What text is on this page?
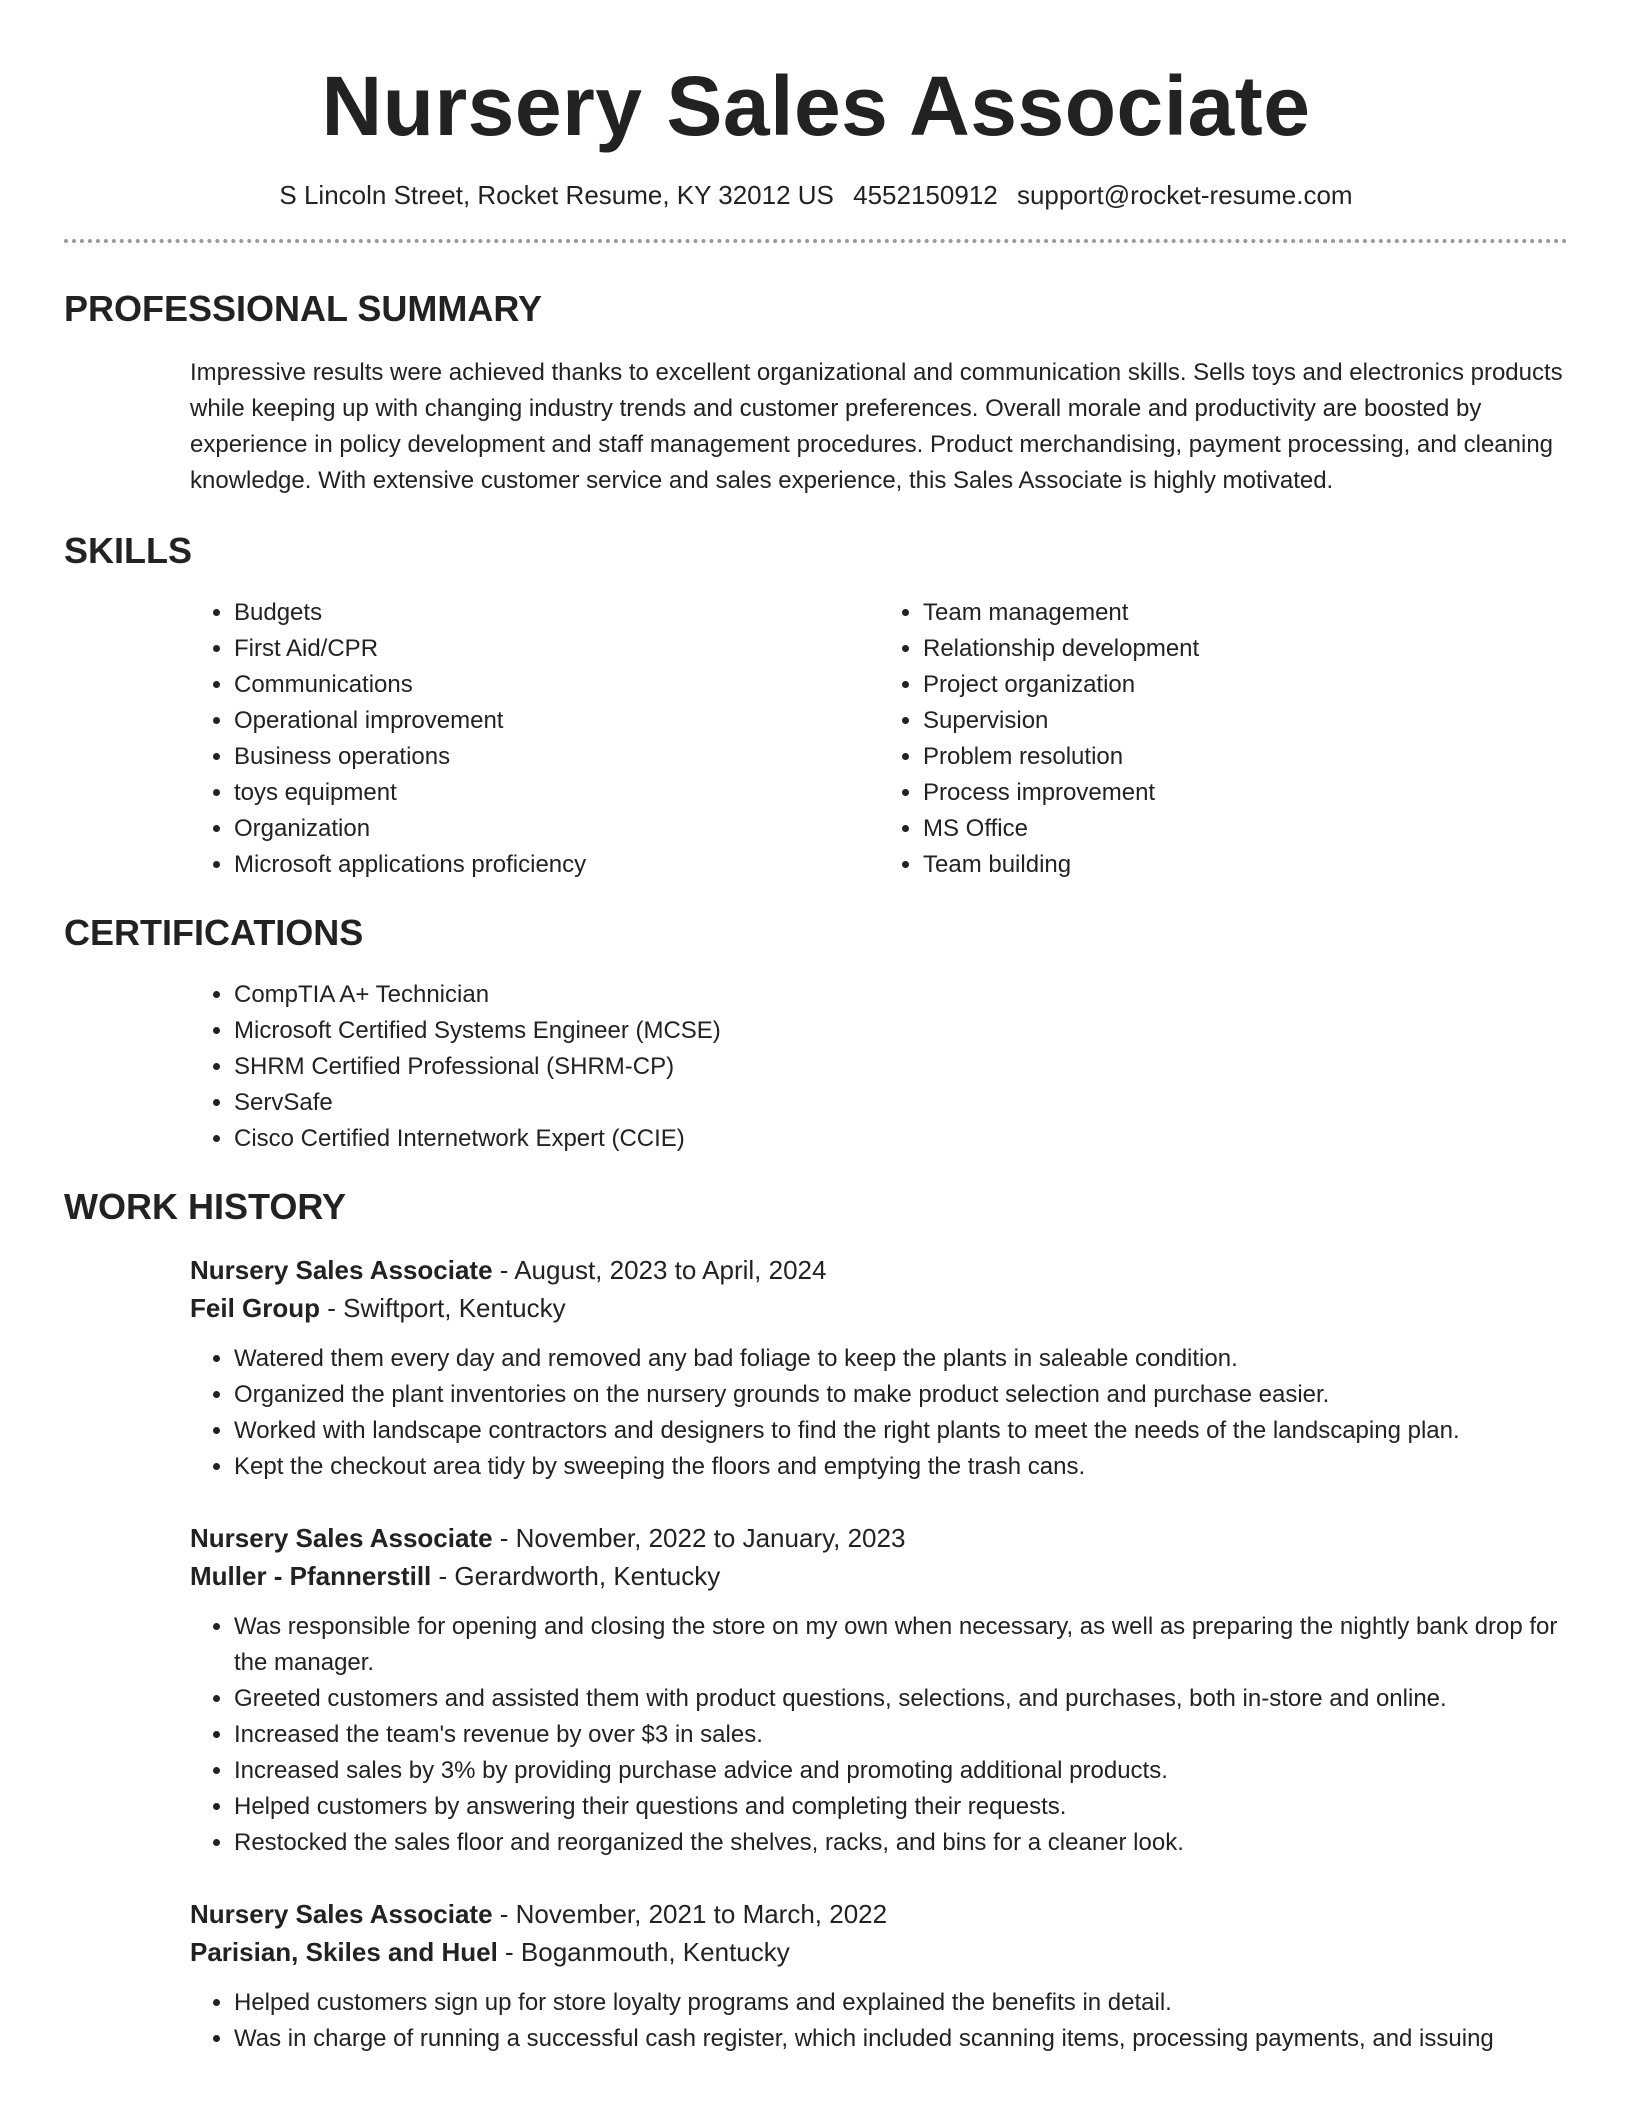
Nursery Sales Associate
S Lincoln Street, Rocket Resume, KY 32012 US 4552150912 support@rocket-resume.com
PROFESSIONAL SUMMARY

Impressive results were achieved thanks to excellent organizational and communication skills. Sells toys and electronics products while keeping up with changing industry trends and customer preferences. Overall morale and productivity are boosted by experience in policy development and staff management procedures. Product merchandising, payment processing, and cleaning knowledge. With extensive customer service and sales experience, this Sales Associate is highly motivated.

SKILLS
• Budgets
• First Aid/CPR
• Communications
• Operational improvement
• Business operations
• toys equipment
• Organization
• Microsoft applications proficiency
• Team management
• Relationship development
• Project organization
• Supervision
• Problem resolution
• Process improvement
• MS Office
• Team building
CERTIFICATIONS
• CompTIA A+ Technician
• Microsoft Certified Systems Engineer (MCSE)
• SHRM Certified Professional (SHRM-CP)
• ServSafe
• Cisco Certified Internetwork Expert (CCIE)
WORK HISTORY
Nursery Sales Associate - August, 2023 to April, 2024
Feil Group - Swiftport, Kentucky
• Watered them every day and removed any bad foliage to keep the plants in saleable condition.
• Organized the plant inventories on the nursery grounds to make product selection and purchase easier.
• Worked with landscape contractors and designers to find the right plants to meet the needs of the landscaping plan.
• Kept the checkout area tidy by sweeping the floors and emptying the trash cans.
Nursery Sales Associate - November, 2022 to January, 2023
Muller - Pfannerstill - Gerardworth, Kentucky
• Was responsible for opening and closing the store on my own when necessary, as well as preparing the nightly bank drop for the manager.
• Greeted customers and assisted them with product questions, selections, and purchases, both in-store and online.
• Increased the team's revenue by over $3 in sales.
• Increased sales by 3% by providing purchase advice and promoting additional products.
• Helped customers by answering their questions and completing their requests.
• Restocked the sales floor and reorganized the shelves, racks, and bins for a cleaner look.
Nursery Sales Associate - November, 2021 to March, 2022
Parisian, Skiles and Huel - Boganmouth, Kentucky
• Helped customers sign up for store loyalty programs and explained the benefits in detail.
• Was in charge of running a successful cash register, which included scanning items, processing payments, and issuing
